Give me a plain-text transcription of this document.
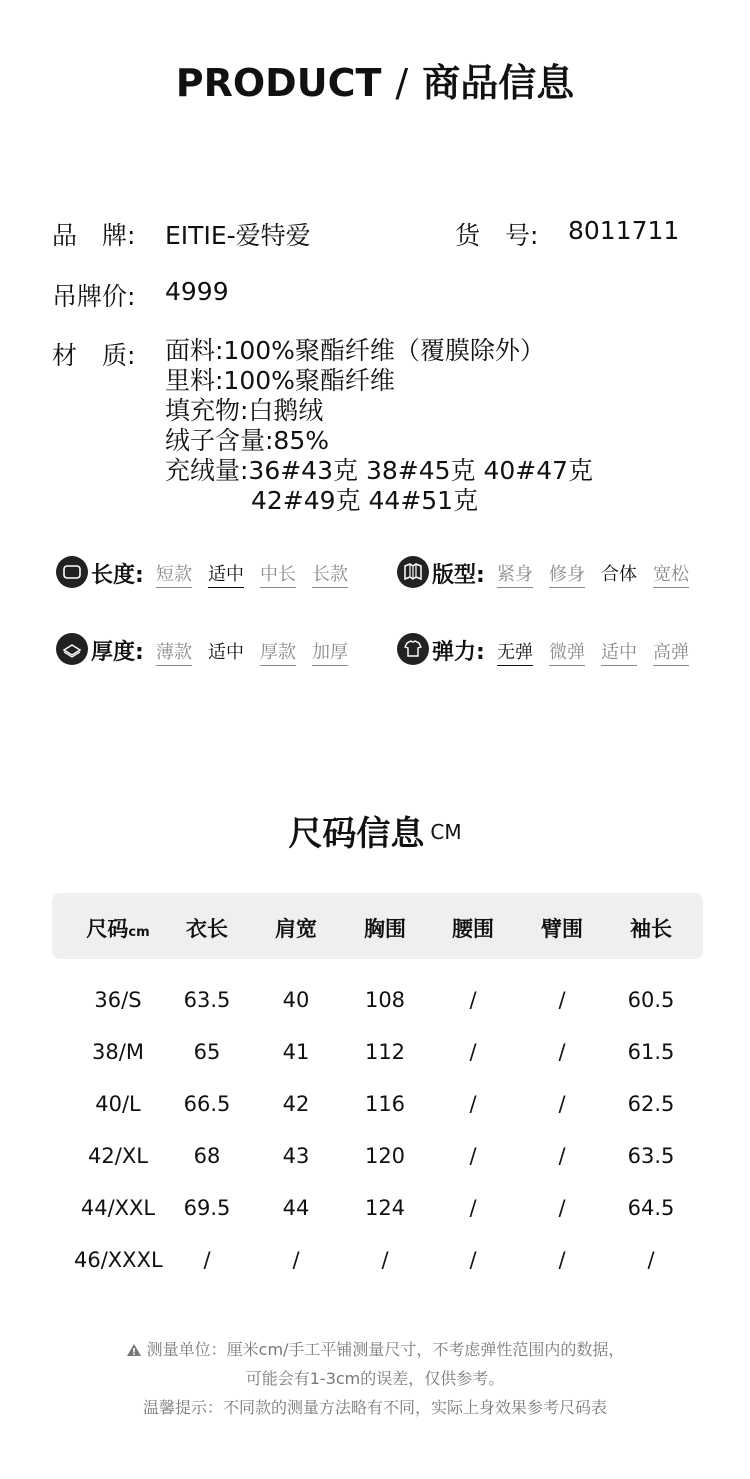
PRODUCT / 商品信息
品　牌: EITIE-爱特爱	货　号: 8011711
吊牌价: 4999
材　质: 面料:100%聚酯纤维（覆膜除外）
里料:100%聚酯纤维
填充物:白鹅绒
绒子含量:85%
充绒量:36#43克 38#45克 40#47克
42#49克 44#51克
长度: 短款 适中 中长 长款	版型: 紧身 修身 合体 宽松
厚度: 薄款 适中 厚款 加厚	弹力: 无弹 微弹 适中 高弹
尺码信息 CM
尺码cm	衣长	肩宽	胸围	腰围	臂围	袖长
36/S	63.5	40	108	/	/	60.5
38/M	65	41	112	/	/	61.5
40/L	66.5	42	116	/	/	62.5
42/XL	68	43	120	/	/	63.5
44/XXL	69.5	44	124	/	/	64.5
46/XXXL	/	/	/	/	/	/
测量单位：厘米cm/手工平铺测量尺寸，不考虑弹性范围内的数据，
可能会有1-3cm的误差，仅供参考。
温馨提示：不同款的测量方法略有不同，实际上身效果参考尺码表
